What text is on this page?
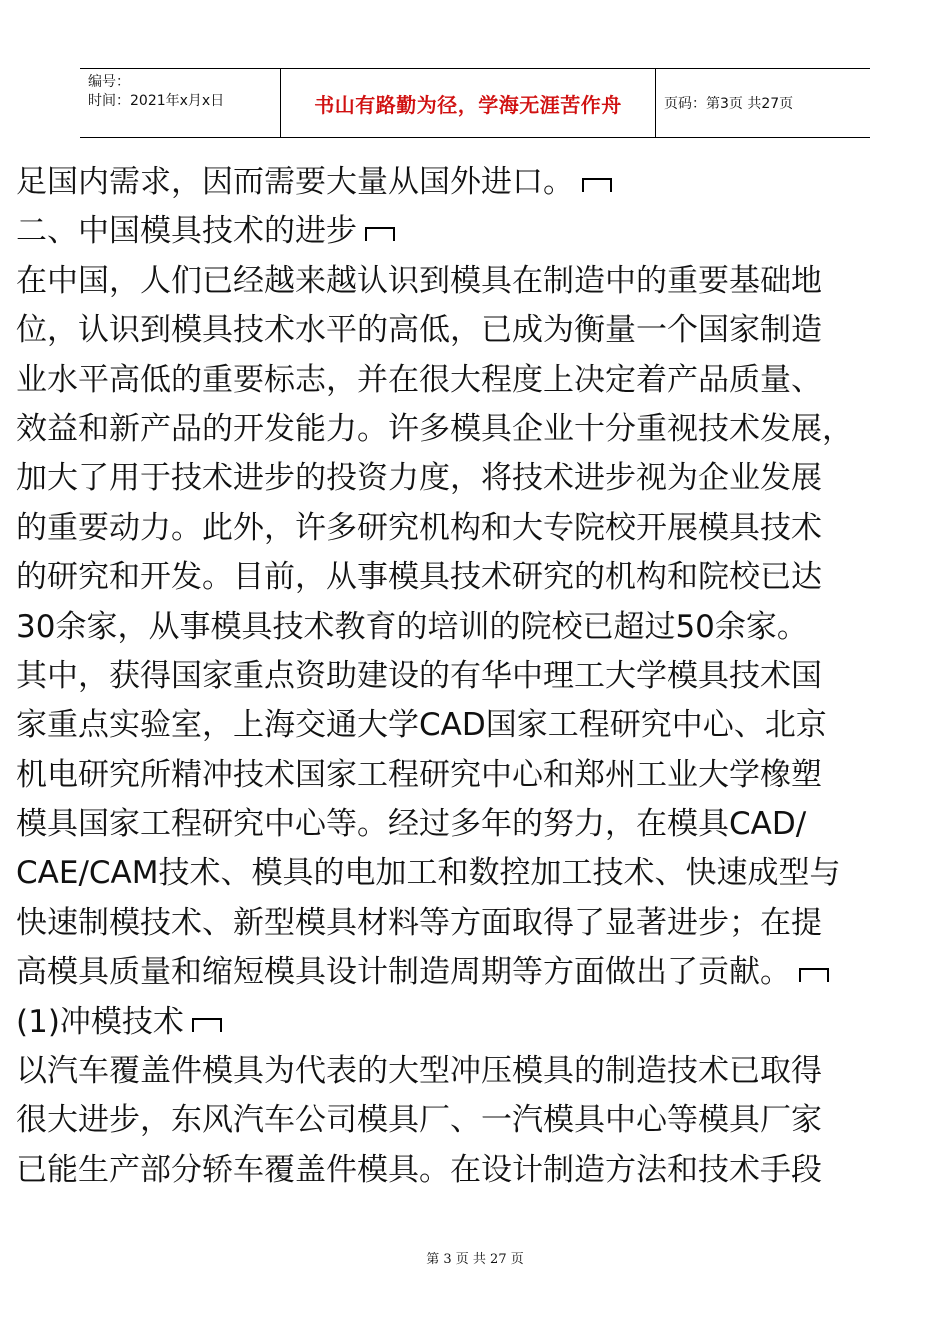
编号：
时间：2021年x月x日	书山有路勤为径，学海无涯苦作舟	页码：第3页 共27页
足国内需求，因而需要大量从国外进口。
二、中国模具技术的进步
在中国，人们已经越来越认识到模具在制造中的重要基础地
位，认识到模具技术水平的高低，已成为衡量一个国家制造
业水平高低的重要标志，并在很大程度上决定着产品质量、
效益和新产品的开发能力。许多模具企业十分重视技术发展，
加大了用于技术进步的投资力度，将技术进步视为企业发展
的重要动力。此外，许多研究机构和大专院校开展模具技术
的研究和开发。目前，从事模具技术研究的机构和院校已达
30余家，从事模具技术教育的培训的院校已超过50余家。
其中，获得国家重点资助建设的有华中理工大学模具技术国
家重点实验室，上海交通大学CAD国家工程研究中心、北京
机电研究所精冲技术国家工程研究中心和郑州工业大学橡塑
模具国家工程研究中心等。经过多年的努力，在模具CAD/
CAE/CAM技术、模具的电加工和数控加工技术、快速成型与
快速制模技术、新型模具材料等方面取得了显著进步；在提
高模具质量和缩短模具设计制造周期等方面做出了贡献。
(1)冲模技术
以汽车覆盖件模具为代表的大型冲压模具的制造技术已取得
很大进步，东风汽车公司模具厂、一汽模具中心等模具厂家
已能生产部分轿车覆盖件模具。在设计制造方法和技术手段
第 3 页 共 27 页
